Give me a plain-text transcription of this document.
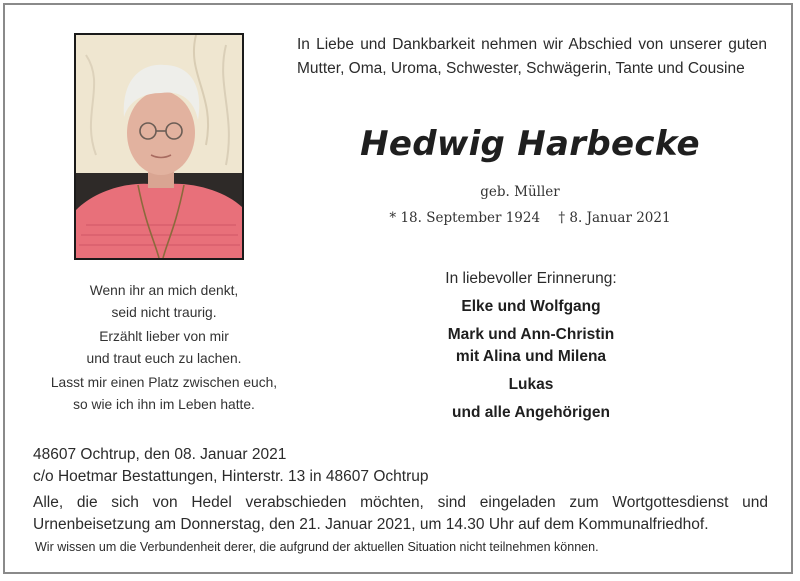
In Liebe und Dankbarkeit nehmen wir Abschied von unserer guten Mutter, Oma, Uroma, Schwester, Schwägerin, Tante und Cousine
Hedwig Harbecke
geb. Müller
* 18. September 1924 † 8. Januar 2021
Wenn ihr an mich denkt,
seid nicht traurig.
Erzählt lieber von mir
und traut euch zu lachen.
Lasst mir einen Platz zwischen euch,
so wie ich ihn im Leben hatte.
In liebevoller Erinnerung:
Elke und Wolfgang
Mark und Ann-Christin
mit Alina und Milena
Lukas
und alle Angehörigen
48607 Ochtrup, den 08. Januar 2021
c/o Hoetmar Bestattungen, Hinterstr. 13 in 48607 Ochtrup
Alle, die sich von Hedel verabschieden möchten, sind eingeladen zum Wortgottesdienst und Urnenbeisetzung am Donnerstag, den 21. Januar 2021, um 14.30 Uhr auf dem Kommunalfriedhof.
Wir wissen um die Verbundenheit derer, die aufgrund der aktuellen Situation nicht teilnehmen können.
